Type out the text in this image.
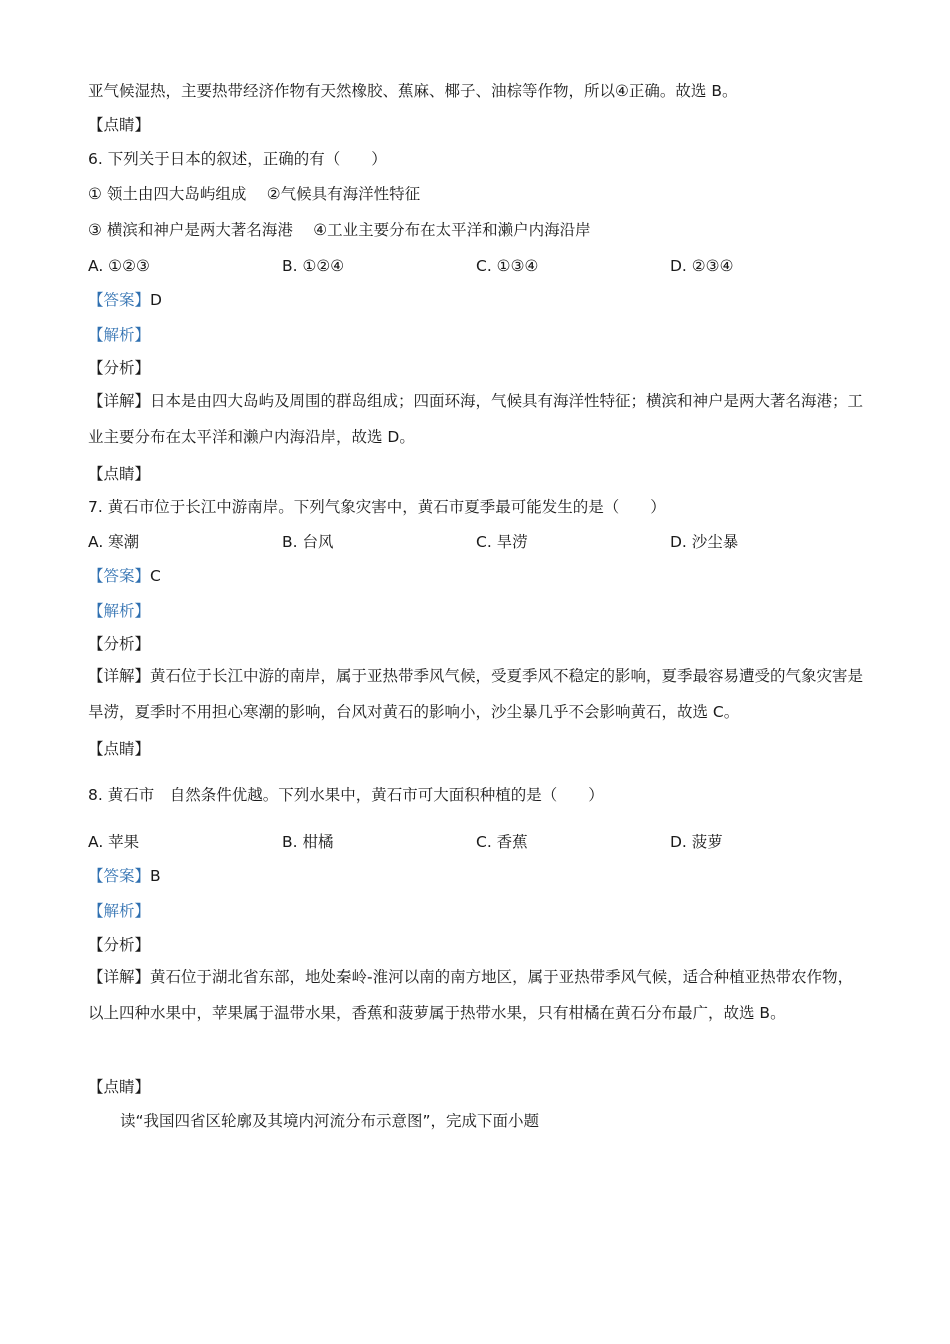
亚气候湿热，主要热带经济作物有天然橡胶、蕉麻、椰子、油棕等作物，所以④正确。故选 B。
【点睛】
6. 下列关于日本的叙述，正确的有（　　）
① 领土由四大岛屿组成　 ②气候具有海洋性特征
③ 横滨和神户是两大著名海港　 ④工业主要分布在太平洋和濑户内海沿岸
A. ①②③	B. ①②④	C. ①③④	D. ②③④
【答案】D
【解析】
【分析】
【详解】日本是由四大岛屿及周围的群岛组成；四面环海，气候具有海洋性特征；横滨和神户是两大著名海港；工业主要分布在太平洋和濑户内海沿岸，故选 D。
【点睛】
7. 黄石市位于长江中游南岸。下列气象灾害中，黄石市夏季最可能发生的是（　　）
A. 寒潮	B. 台风	C. 旱涝	D. 沙尘暴
【答案】C
【解析】
【分析】
【详解】黄石位于长江中游的南岸，属于亚热带季风气候，受夏季风不稳定的影响，夏季最容易遭受的气象灾害是旱涝，夏季时不用担心寒潮的影响，台风对黄石的影响小，沙尘暴几乎不会影响黄石，故选 C。
【点睛】
8. 黄石市　自然条件优越。下列水果中，黄石市可大面积种植的是（　　）
A. 苹果	B. 柑橘	C. 香蕉	D. 菠萝
【答案】B
【解析】
【分析】
【详解】黄石位于湖北省东部，地处秦岭-淮河以南的南方地区，属于亚热带季风气候，适合种植亚热带农作物，以上四种水果中，苹果属于温带水果，香蕉和菠萝属于热带水果，只有柑橘在黄石分布最广，故选 B。
【点睛】
读“我国四省区轮廓及其境内河流分布示意图”，完成下面小题
